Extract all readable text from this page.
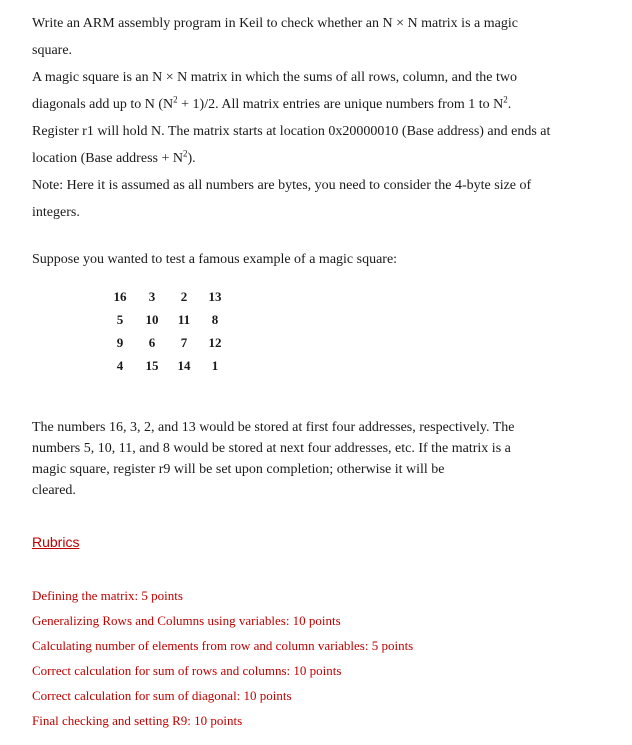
Write an ARM assembly program in Keil to check whether an N × N matrix is a magic
square.

A magic square is an N × N matrix in which the sums of all rows, column, and the two
diagonals add up to N $(N^2 + 1)/2$. All matrix entries are unique numbers from 1 to $N^2$.
Register r1 will hold N. The matrix starts at location 0x20000010 (Base address) and ends at
location (Base address + $N^2$).

Note: Here it is assumed as all numbers are bytes, you need to consider the 4-byte size of
integers.

Suppose you wanted to test a famous example of a magic square:

16	3	2	13
5	10	11	8
9	6	7	12
4	15	14	1
The numbers 16, 3, 2, and 13 would be stored at first four addresses, respectively. The
numbers 5, 10, 11, and 8 would be stored at next four addresses, etc. If the matrix is a
magic square, register r9 will be set upon completion; otherwise it will be
cleared.
Rubrics
Defining the matrix: 5 points
Generalizing Rows and Columns using variables: 10 points
Calculating number of elements from row and column variables: 5 points
Correct calculation for sum of rows and columns: 10 points
Correct calculation for sum of diagonal: 10 points
Final checking and setting R9: 10 points
